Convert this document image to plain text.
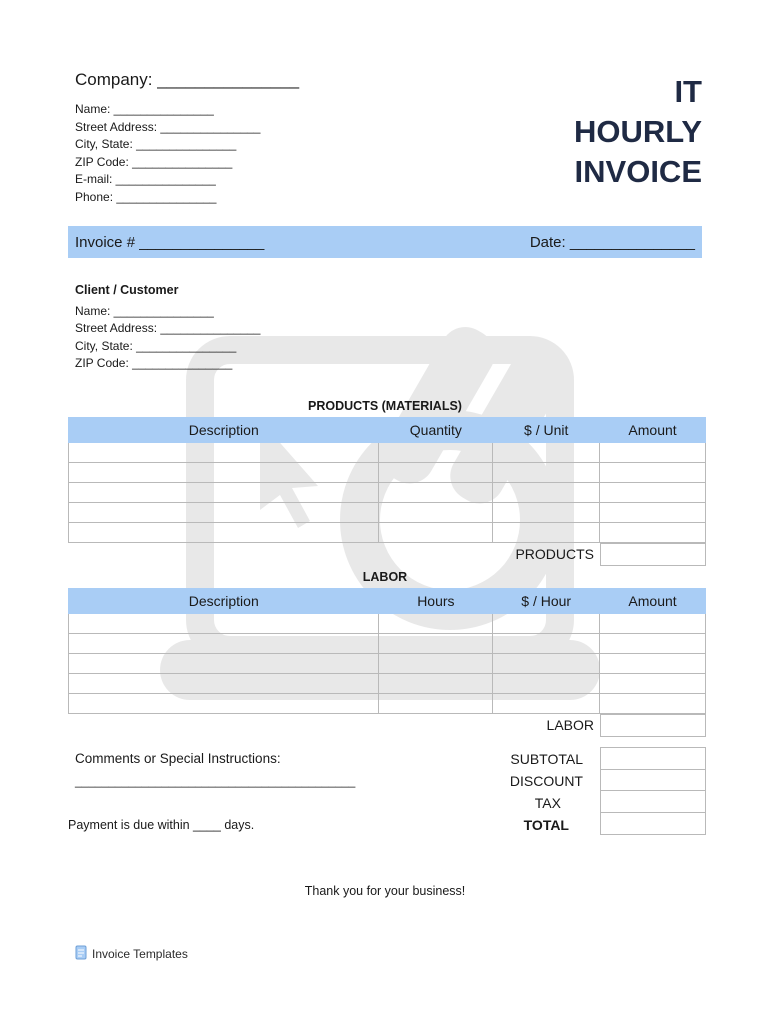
Company: _______________
Name: _______________
Street Address: _______________
City, State: _______________
ZIP Code: _______________
E-mail: _______________
Phone: _______________
IT
HOURLY
INVOICE
Invoice # _______________	Date: _______________
Client / Customer
Name: _______________
Street Address: _______________
City, State: _______________
ZIP Code: _______________
PRODUCTS (MATERIALS)
Description	Quantity	$ / Unit	Amount

PRODUCTS
LABOR
Description	Hours	$ / Hour	Amount

LABOR
Comments or Special Instructions:
__________________________________________
SUBTOTAL
DISCOUNT
TAX
TOTAL
Payment is due within ____ days.
Thank you for your business!
Invoice Templates
